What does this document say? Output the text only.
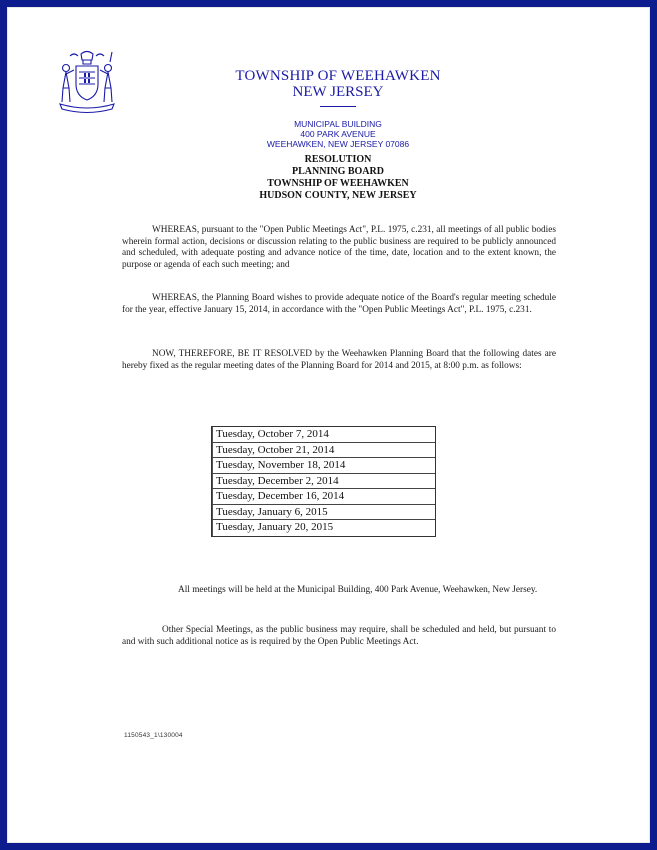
TOWNSHIP OF WEEHAWKEN
NEW JERSEY
MUNICIPAL BUILDING
400 PARK AVENUE
WEEHAWKEN, NEW JERSEY 07086
RESOLUTION
PLANNING BOARD
TOWNSHIP OF WEEHAWKEN
HUDSON COUNTY, NEW JERSEY

WHEREAS, pursuant to the "Open Public Meetings Act", P.L. 1975, c.231, all meetings of all public bodies wherein formal action, decisions or discussion relating to the public business are required to be publicly announced and scheduled, with adequate posting and advance notice of the time, date, location and to the extent known, the purpose or agenda of each such meeting; and

WHEREAS, the Planning Board wishes to provide adequate notice of the Board's regular meeting schedule for the year, effective January 15, 2014, in accordance with the "Open Public Meetings Act", P.L. 1975, c.231.

NOW, THEREFORE, BE IT RESOLVED by the Weehawken Planning Board that the following dates are hereby fixed as the regular meeting dates of the Planning Board for 2014 and 2015, at 8:00 p.m. as follows:

Tuesday, October 7, 2014
Tuesday, October 21, 2014
Tuesday, November 18, 2014
Tuesday, December 2, 2014
Tuesday, December 16, 2014
Tuesday, January 6, 2015
Tuesday, January 20, 2015

All meetings will be held at the Municipal Building, 400 Park Avenue, Weehawken, New Jersey.

Other Special Meetings, as the public business may require, shall be scheduled and held, but pursuant to and with such additional notice as is required by the Open Public Meetings Act.

1150543_1\130004
